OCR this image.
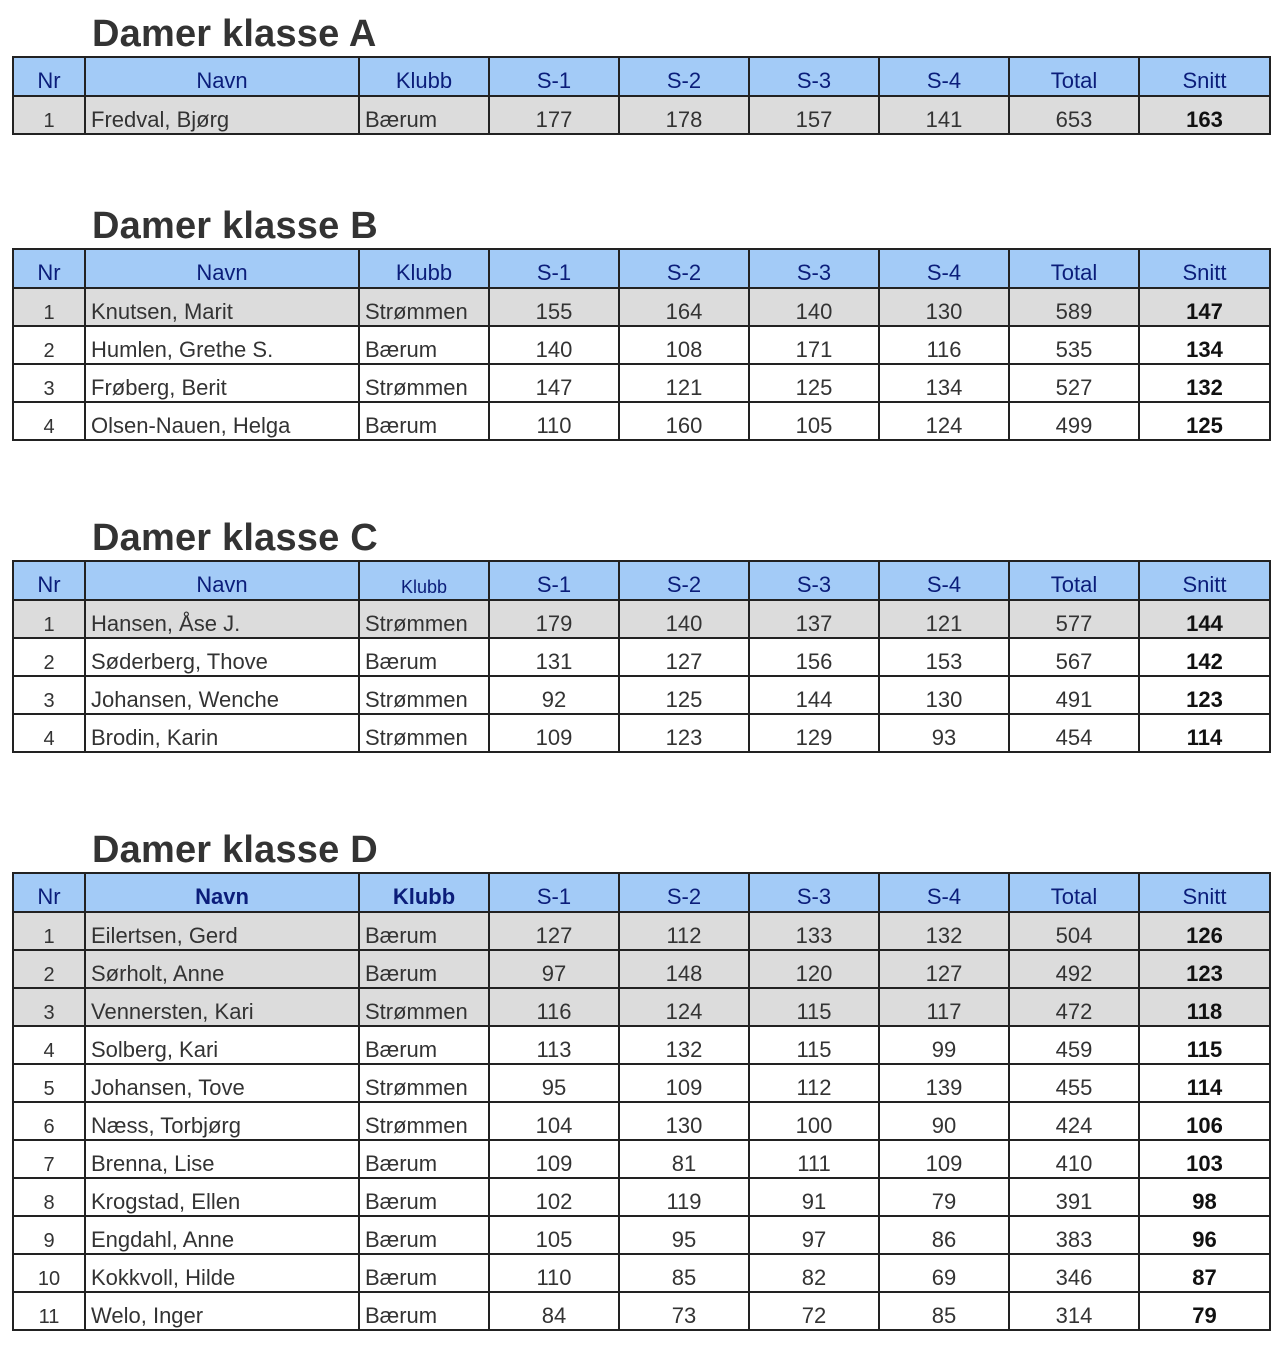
Damer klasse A
Nr	Navn	Klubb	S-1	S-2	S-3	S-4	Total	Snitt
1	Fredval, Bjørg	Bærum	177	178	157	141	653	163
Damer klasse B
Nr	Navn	Klubb	S-1	S-2	S-3	S-4	Total	Snitt
1	Knutsen, Marit	Strømmen	155	164	140	130	589	147
2	Humlen, Grethe S.	Bærum	140	108	171	116	535	134
3	Frøberg, Berit	Strømmen	147	121	125	134	527	132
4	Olsen-Nauen, Helga	Bærum	110	160	105	124	499	125
Damer klasse C
Nr	Navn	Klubb	S-1	S-2	S-3	S-4	Total	Snitt
1	Hansen, Åse J.	Strømmen	179	140	137	121	577	144
2	Søderberg, Thove	Bærum	131	127	156	153	567	142
3	Johansen, Wenche	Strømmen	92	125	144	130	491	123
4	Brodin, Karin	Strømmen	109	123	129	93	454	114
Damer klasse D
Nr	Navn	Klubb	S-1	S-2	S-3	S-4	Total	Snitt
1	Eilertsen, Gerd	Bærum	127	112	133	132	504	126
2	Sørholt, Anne	Bærum	97	148	120	127	492	123
3	Vennersten, Kari	Strømmen	116	124	115	117	472	118
4	Solberg, Kari	Bærum	113	132	115	99	459	115
5	Johansen, Tove	Strømmen	95	109	112	139	455	114
6	Næss, Torbjørg	Strømmen	104	130	100	90	424	106
7	Brenna, Lise	Bærum	109	81	111	109	410	103
8	Krogstad, Ellen	Bærum	102	119	91	79	391	98
9	Engdahl, Anne	Bærum	105	95	97	86	383	96
10	Kokkvoll, Hilde	Bærum	110	85	82	69	346	87
11	Welo, Inger	Bærum	84	73	72	85	314	79
